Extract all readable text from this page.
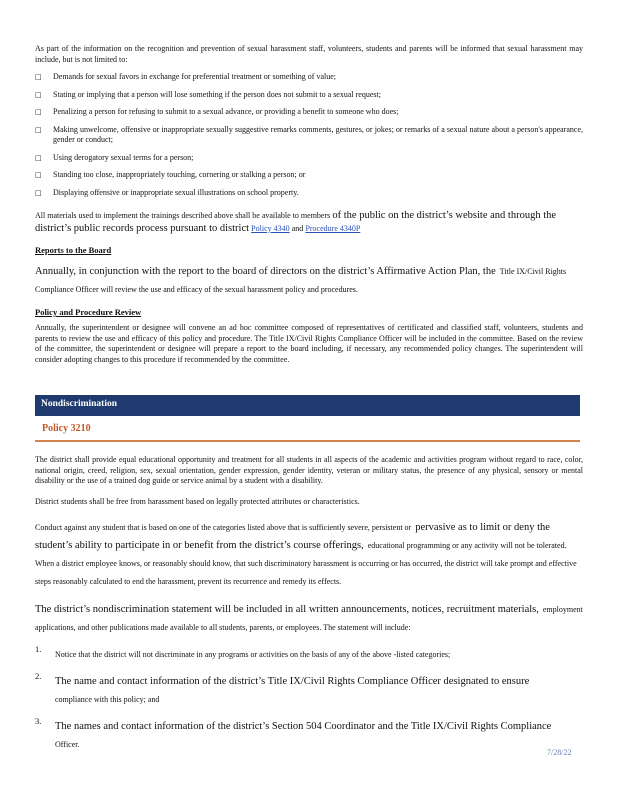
As part of the information on the recognition and prevention of sexual harassment staff, volunteers, students and parents will be informed that sexual harassment may include, but is not limited to:

□	Demands for sexual favors in exchange for preferential treatment or something of value;
□	Stating or implying that a person will lose something if the person does not submit to a sexual request;
□	Penalizing a person for refusing to submit to a sexual advance, or providing a benefit to someone who does;
□	Making unwelcome, offensive or inappropriate sexually suggestive remarks comments, gestures, or jokes; or remarks of a sexual nature about a person's appearance, gender or conduct;
□	Using derogatory sexual terms for a person;
□	Standing too close, inappropriately touching, cornering or stalking a person; or
□	Displaying offensive or inappropriate sexual illustrations on school property.

All materials used to implement the trainings described above shall be available to members of the public on the district’s website and through the district’s public records process pursuant to district Policy 4340 and Procedure 4340P

Reports to the Board

Annually, in conjunction with the report to the board of directors on the district’s Affirmative Action Plan, the Title IX/Civil Rights Compliance Officer will review the use and efficacy of the sexual harassment policy and procedures.

Policy and Procedure Review

Annually, the superintendent or designee will convene an ad hoc committee composed of representatives of certificated and classified staff, volunteers, students and parents to review the use and efficacy of this policy and procedure. The Title IX/Civil Rights Compliance Officer will be included in the committee. Based on the review of the committee, the superintendent or designee will prepare a report to the board including, if necessary, any recommended policy changes. The superintendent will consider adopting changes to this procedure if recommended by the committee.

Nondiscrimination
Policy 3210

The district shall provide equal educational opportunity and treatment for all students in all aspects of the academic and activities program without regard to race, color, national origin, creed, religion, sex, sexual orientation, gender expression, gender identity, veteran or military status, the presence of any physical, sensory or mental disability or the use of a trained dog guide or service animal by a student with a disability.

District students shall be free from harassment based on legally protected attributes or characteristics.

Conduct against any student that is based on one of the categories listed above that is sufficiently severe, persistent or pervasive as to limit or deny the student’s ability to participate in or benefit from the district’s course offerings, educational programming or any activity will not be tolerated. When a district employee knows, or reasonably should know, that such discriminatory harassment is occurring or has occurred, the district will take prompt and effective steps reasonably calculated to end the harassment, prevent its recurrence and remedy its effects.

The district’s nondiscrimination statement will be included in all written announcements, notices, recruitment materials, employment applications, and other publications made available to all students, parents, or employees. The statement will include:

1.
Notice that the district will not discriminate in any programs or activities on the basis of any of the above -listed categories;
2.	The name and contact information of the district’s Title IX/Civil Rights Compliance Officer designated to ensure
compliance with this policy; and
3.	The names and contact information of the district’s Section 504 Coordinator and the Title IX/Civil Rights Compliance
Officer.
7/28/22
